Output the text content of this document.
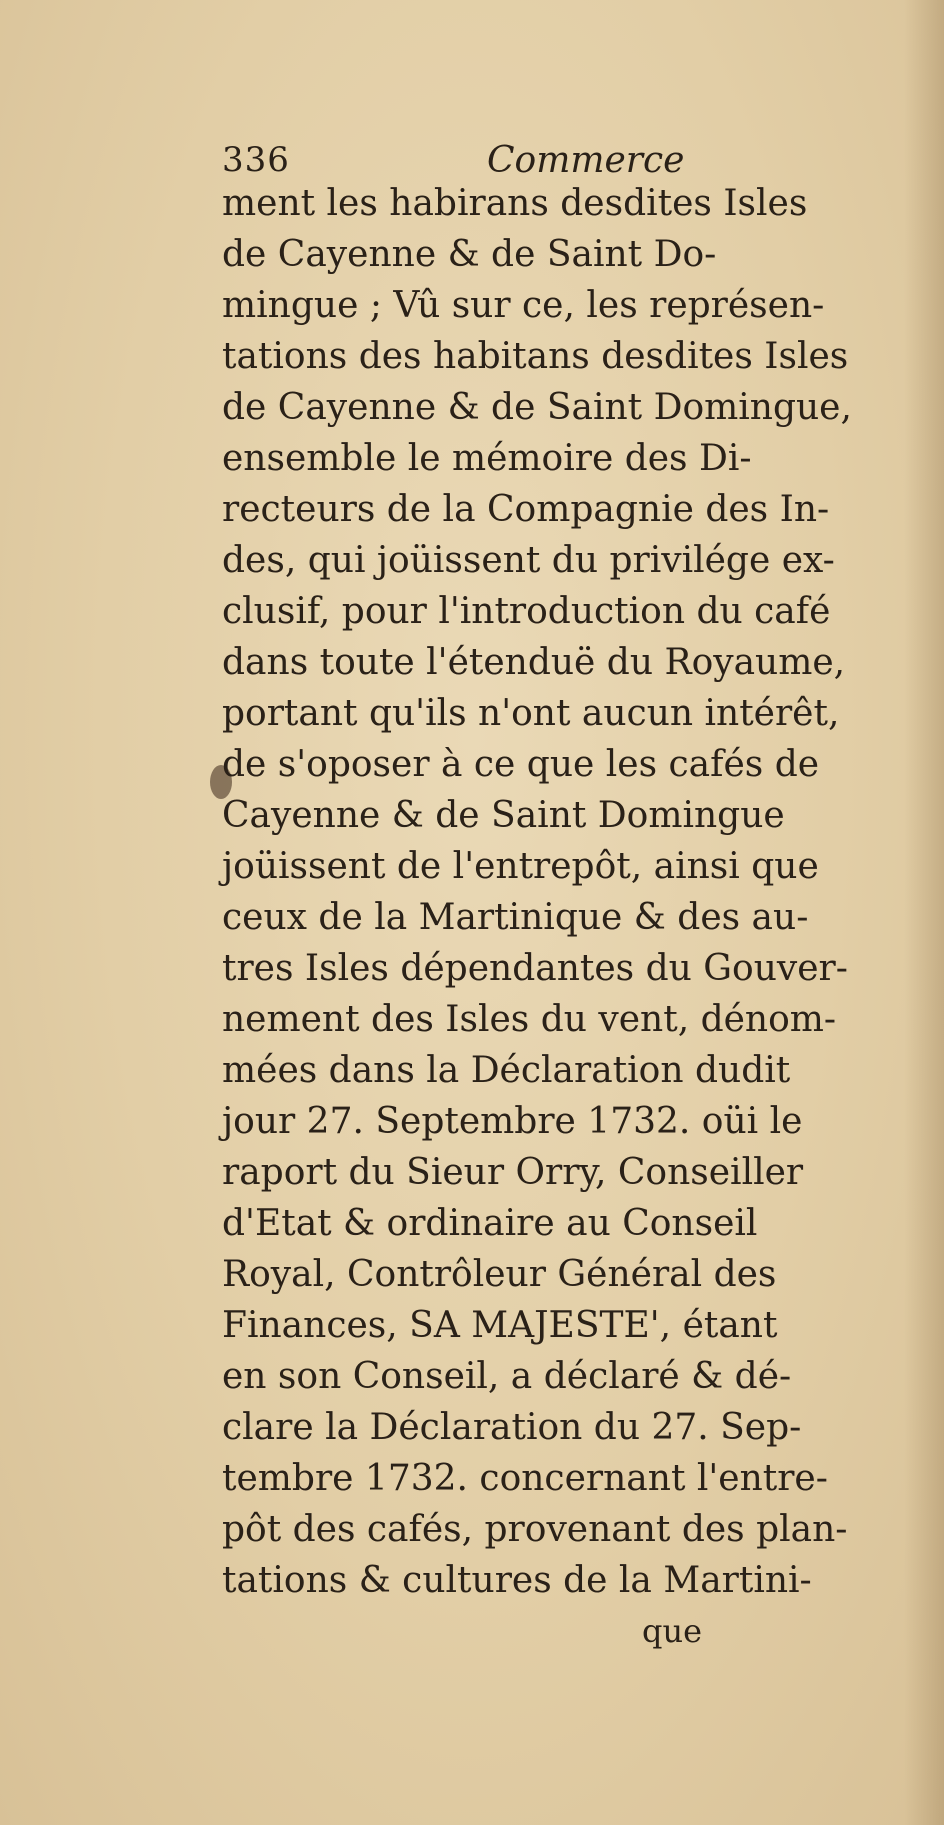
336	Commerce
ment les habirans desdites Isles
de Cayenne & de Saint Do-
mingue ; Vû sur ce, les représen-
tations des habitans desdites Isles
de Cayenne & de Saint Domingue,
ensemble le mémoire des Di-
recteurs de la Compagnie des In-
des, qui joüissent du privilége ex-
clusif, pour l'introduction du café
dans toute l'étenduë du Royaume,
portant qu'ils n'ont aucun intérêt,
de s'oposer à ce que les cafés de
Cayenne & de Saint Domingue
joüissent de l'entrepôt, ainsi que
ceux de la Martinique & des au-
tres Isles dépendantes du Gouver-
nement des Isles du vent, dénom-
mées dans la Déclaration dudit
jour 27. Septembre 1732. oüi le
raport du Sieur Orry, Conseiller
d'Etat & ordinaire au Conseil
Royal, Contrôleur Général des
Finances, SA MAJESTE', étant
en son Conseil, a déclaré & dé-
clare la Déclaration du 27. Sep-
tembre 1732. concernant l'entre-
pôt des cafés, provenant des plan-
tations & cultures de la Martini-
que
